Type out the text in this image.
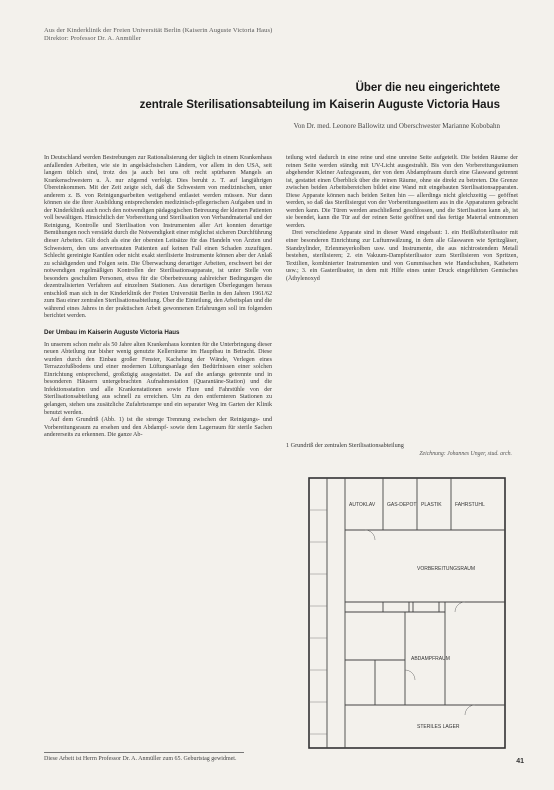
Aus der Kinderklinik der Freien Universität Berlin (Kaiserin Auguste Victoria Haus)
Direktor: Professor Dr. A. Anmüller
Über die neu eingerichtete
zentrale Sterilisationsabteilung im Kaiserin Auguste Victoria Haus
Von Dr. med. Leonore Ballowitz und Oberschwester Marianne Kobobahn

In Deutschland werden Bestrebungen zur Rationalisierung der täglich in einem Krankenhaus anfallenden Arbeiten, wie sie in angelsächsischen Ländern, vor allem in den USA, seit langem üblich sind, trotz des ja auch bei uns oft recht spürbaren Mangels an Krankenschwestern u. Ä. nur zögernd verfolgt. Dies beruht z. T. auf langjährigen Übereinkommen. Mit der Zeit zeigte sich, daß die Schwestern von medizinischen, unter anderem z. B. von Reinigungsarbeiten weitgehend entlastet werden müssen. Nur dann können sie die ihrer Ausbildung entsprechenden medizinisch-pflegerischen Aufgaben und in der Kinderklinik auch noch den notwendigen pädagogischen Betreuung der kleinen Patienten voll bewältigen. Hinsichtlich der Vorbereitung und Sterilisation von Verbandmaterial und der Reinigung, Kontrolle und Sterilisation von Instrumenten aller Art konnten derartige Bemühungen noch verstärkt durch die Notwendigkeit einer möglichst sicheren Durchführung dieser Arbeiten. Gilt doch als eine der obersten Leitsätze für das Handeln von Ärzten und Schwestern, den uns anvertrauten Patienten auf keinen Fall einen Schaden zuzufügen. Schlecht gereinigte Kanülen oder nicht exakt sterilisierte Instrumente können aber der Anlaß zu schädigenden und Folgen sein. Die Überwachung derartiger Arbeiten, erschwert bei der notwendigen regelmäßigen Kontrollen der Sterilisationsapparate, ist unter Stelle von besonders geschulten Personen, etwa für die Oberbetreuung zahlreicher Bedingungen die dezentralisierten Verfahren auf einzelnen Stationen. Aus derartigen Überlegungen heraus entschloß man sich in der Kinderklinik der Freien Universität Berlin in den Jahren 1961/62 zum Bau einer zentralen Sterilisationsabteilung. Über die Einteilung, den Arbeitsplan und die während eines Jahres in der praktischen Arbeit gewonnenen Erfahrungen soll im folgenden berichtet werden.

Der Umbau im Kaiserin Auguste Victoria Haus

In unserem schon mehr als 50 Jahre alten Krankenhaus konnten für die Unterbringung dieser neuen Abteilung nur bisher wenig genutzte Kellerräume im Hauptbau in Betracht. Diese wurden durch den Einbau großer Fenster, Kachelung der Wände, Verlegen eines Terrazzofußbodens und einer modernen Lüftungsanlage den Bedürfnissen einer solchen Einrichtung entsprechend, großzügig ausgestattet. Da auf die anfangs getrennte und in besonderen Häusern untergebrachten Aufnahmestation (Quarantäne-Station) und die Infektionsstation und alle Krankenstationen sowie Flure und Fahrstühle von der Sterilisationsabteilung aus schnell zu erreichen. Um zu den entfernteren Stationen zu gelangen, stehen uns zusätzliche Zufahrtsrampe und ein separater Weg im Garten der Klinik benutzt werden.

Auf dem Grundriß (Abb. 1) ist die strenge Trennung zwischen der Reinigungs- und Vorbereitungsraum zu ersehen und den Abdampf- sowie dem Lagerraum für sterile Sachen andererseits zu erkennen. Die ganze Ab-

teilung wird dadurch in eine reine und eine unreine Seite aufgeteilt. Die beiden Räume der reinen Seite werden ständig mit UV-Licht ausgestrahlt. Bis von den Vorbereitungsräumen abgehender Kleiner Aufzugsraum, der von dem Abdampfraum durch eine Glaswand getrennt ist, gestattet einen Überblick über die reinen Räume, ohne sie direkt zu betreten. Die Grenze zwischen beiden Arbeitsbereichen bildet eine Wand mit eingebauten Sterilisationsapparaten. Diese Apparate können nach beiden Seiten hin — allerdings nicht gleichzeitig — geöffnet werden, so daß das Sterilisiergut von der Vorbereitungsseitem aus in die Apparaturen gebracht werden kann. Die Türen werden anschließend geschlossen, und die Sterilisation kann ab, ist sie beendet, kann die Tür auf der reinen Seite geöffnet und das fertige Material entnommen werden.

Drei verschiedene Apparate sind in dieser Wand eingebaut: 1. ein Heißluftsterilisator mit einer besonderen Einrichtung zur Luftumwälzung, in dem alle Glaswaren wie Spritzgläser, Standzylinder, Erlenmeyerkolben usw. und Instrumente, die aus nichtrostendem Metall bestehen, sterilisieren; 2. ein Vakuum-Dampfsterilisator zum Sterilisieren von Spritzen, Textilien, kombinierter Instrumenten und von Gummisachen wie Handschuhen, Kathetern usw.; 3. ein Gasterilisator, in dem mit Hilfe eines unter Druck eingeführten Gemisches (Äthylenoxyd

1 Grundriß der zentralen Sterilisationsabteilung
Zeichnung: Johannes Unger, stud. arch.
AUTOKLAV GAS-DEPOT PLASTIK	FAHRSTUHL
VORBEREITUNGSRAUM
ABDAMPFRAUM
STERILES LAGER
Diese Arbeit ist Herrn Professor Dr. A. Anmüller zum 65. Geburtstag gewidmet.	41
